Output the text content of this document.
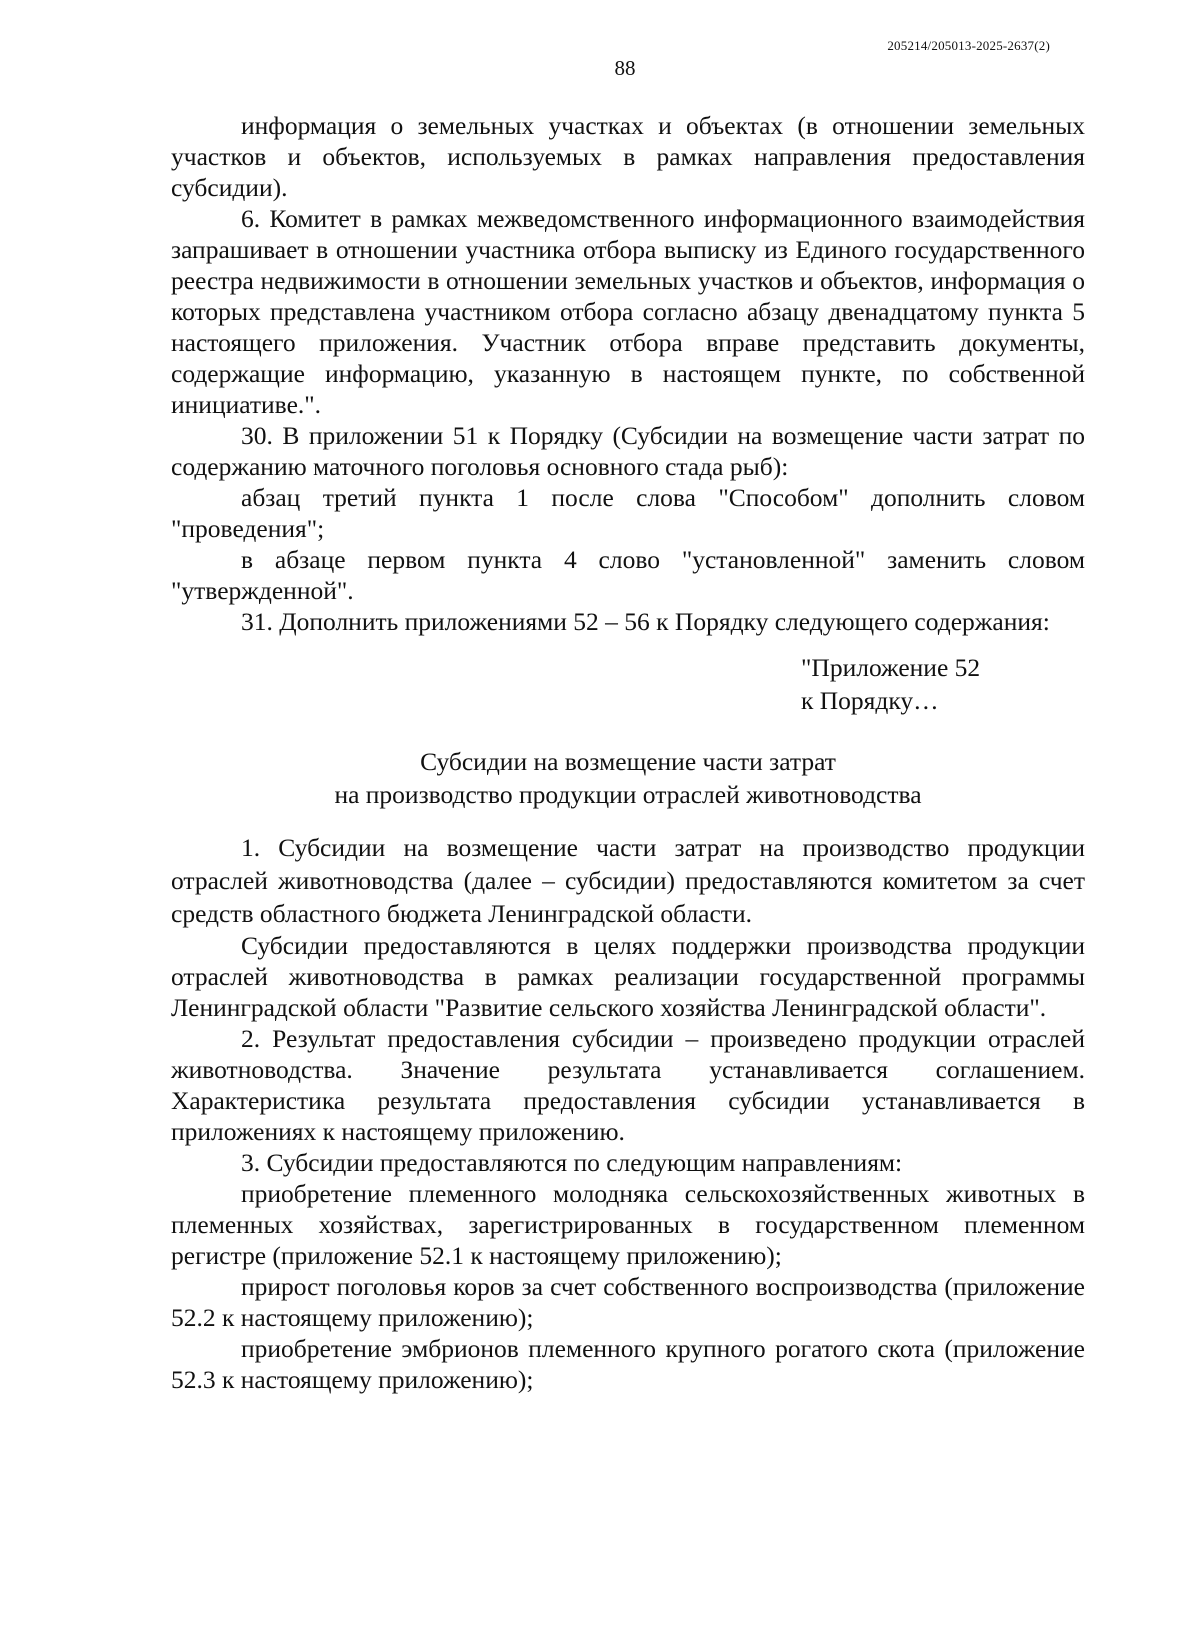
205214/205013-2025-2637(2)
88

информация о земельных участках и объектах (в отношении земельных участков и объектов, используемых в рамках направления предоставления субсидии).

6. Комитет в рамках межведомственного информационного взаимодействия запрашивает в отношении участника отбора выписку из Единого государственного реестра недвижимости в отношении земельных участков и объектов, информация о которых представлена участником отбора согласно абзацу двенадцатому пункта 5 настоящего приложения. Участник отбора вправе представить документы, содержащие информацию, указанную в настоящем пункте, по собственной инициативе.".

30. В приложении 51 к Порядку (Субсидии на возмещение части затрат по содержанию маточного поголовья основного стада рыб):

абзац третий пункта 1 после слова "Способом" дополнить словом "проведения";

в абзаце первом пункта 4 слово "установленной" заменить словом "утвержденной".

31. Дополнить приложениями 52 – 56 к Порядку следующего содержания:

"Приложение 52
к Порядку…

Субсидии на возмещение части затрат
на производство продукции отраслей животноводства

1. Субсидии на возмещение части затрат на производство продукции отраслей животноводства (далее – субсидии) предоставляются комитетом за счет средств областного бюджета Ленинградской области.

Субсидии предоставляются в целях поддержки производства продукции отраслей животноводства в рамках реализации государственной программы Ленинградской области "Развитие сельского хозяйства Ленинградской области".

2. Результат предоставления субсидии – произведено продукции отраслей животноводства. Значение результата устанавливается соглашением. Характеристика результата предоставления субсидии устанавливается в приложениях к настоящему приложению.

3. Субсидии предоставляются по следующим направлениям:

приобретение племенного молодняка сельскохозяйственных животных в племенных хозяйствах, зарегистрированных в государственном племенном регистре (приложение 52.1 к настоящему приложению);

прирост поголовья коров за счет собственного воспроизводства (приложение 52.2 к настоящему приложению);

приобретение эмбрионов племенного крупного рогатого скота (приложение 52.3 к настоящему приложению);
